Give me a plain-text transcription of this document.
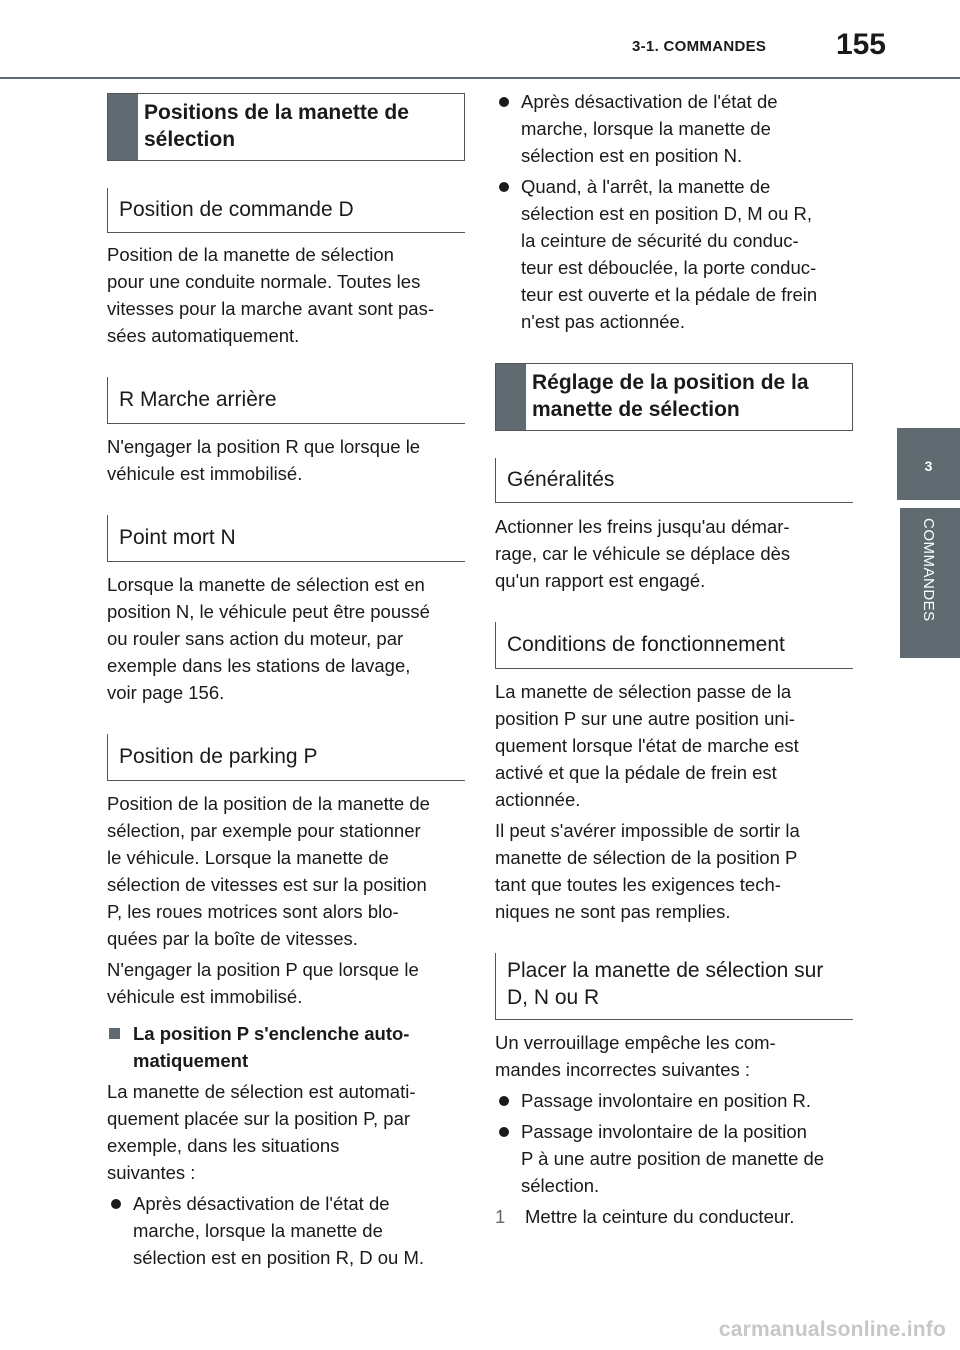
3-1. COMMANDES 155
3
COMMANDES
Positions de la manette de
sélection
Position de commande D

Position de la manette de sélection

pour une conduite normale. Toutes les

vitesses pour la marche avant sont pas-

sées automatiquement.

R Marche arrière

N'engager la position R que lorsque le

véhicule est immobilisé.

Point mort N

Lorsque la manette de sélection est en

position N, le véhicule peut être poussé

ou rouler sans action du moteur, par

exemple dans les stations de lavage,

voir page 156.

Position de parking P

Position de la position de la manette de

sélection, par exemple pour stationner

le véhicule. Lorsque la manette de

sélection de vitesses est sur la position

P, les roues motrices sont alors blo-

quées par la boîte de vitesses.

N'engager la position P que lorsque le

véhicule est immobilisé.

La position P s'enclenche auto-
matiquement

La manette de sélection est automati-

quement placée sur la position P, par

exemple, dans les situations

suivantes :

Après désactivation de l'état de
marche, lorsque la manette de
sélection est en position R, D ou M.
Après désactivation de l'état de
marche, lorsque la manette de
sélection est en position N.
Quand, à l'arrêt, la manette de
sélection est en position D, M ou R,
la ceinture de sécurité du conduc-
teur est débouclée, la porte conduc-
teur est ouverte et la pédale de frein
n'est pas actionnée.
Réglage de la position de la
manette de sélection
Généralités

Actionner les freins jusqu'au démar-

rage, car le véhicule se déplace dès

qu'un rapport est engagé.

Conditions de fonctionnement

La manette de sélection passe de la

position P sur une autre position uni-

quement lorsque l'état de marche est

activé et que la pédale de frein est

actionnée.

Il peut s'avérer impossible de sortir la

manette de sélection de la position P

tant que toutes les exigences tech-

niques ne sont pas remplies.

Placer la manette de sélection sur
D, N ou R

Un verrouillage empêche les com-

mandes incorrectes suivantes :

Passage involontaire en position R.
Passage involontaire de la position
P à une autre position de manette de
sélection.
1	Mettre la ceinture du conducteur.
carmanualsonline.info
